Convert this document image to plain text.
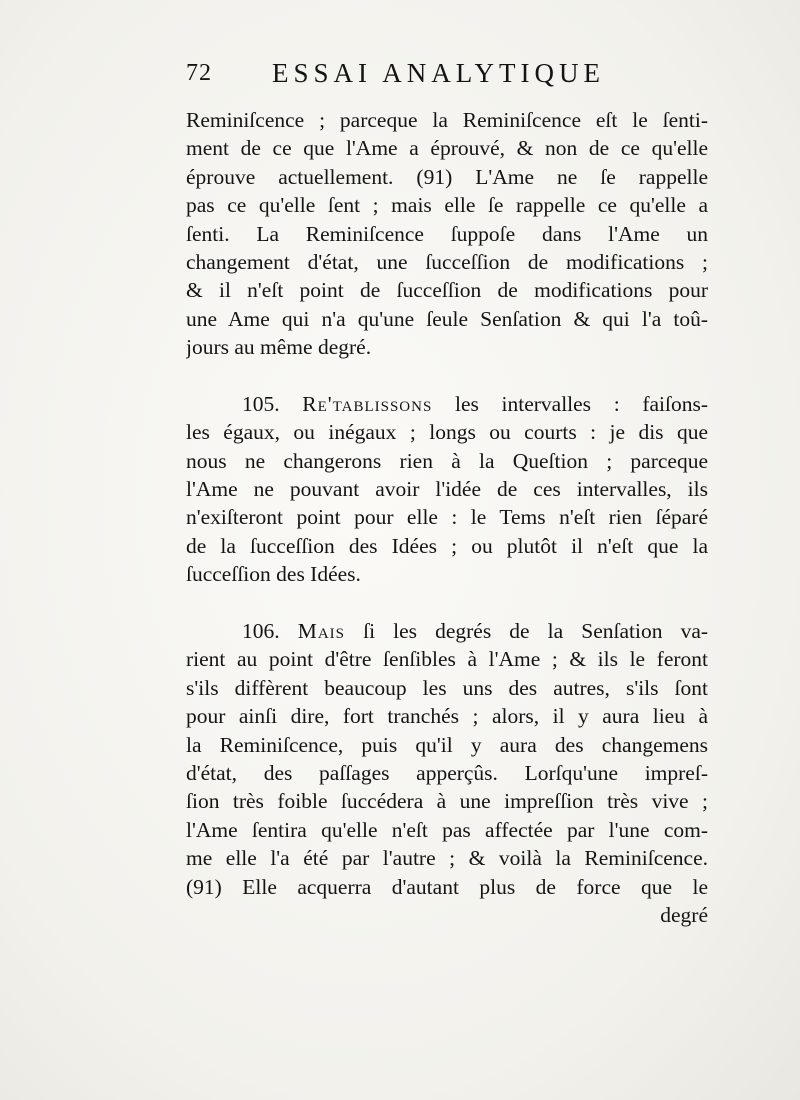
72 ESSAI ANALYTIQUE
Reminiſcence ; parceque la Reminiſcence eſt le ſenti-
ment de ce que l'Ame a éprouvé, & non de ce qu'elle
éprouve actuellement. (91) L'Ame ne ſe rappelle
pas ce qu'elle ſent ; mais elle ſe rappelle ce qu'elle a
ſenti. La Reminiſcence ſuppoſe dans l'Ame un
changement d'état, une ſucceſſion de modifications ;
& il n'eſt point de ſucceſſion de modifications pour
une Ame qui n'a qu'une ſeule Senſation & qui l'a toû-
jours au même degré.
105. Re'tablissons les intervalles : faiſons-
les égaux, ou inégaux ; longs ou courts : je dis que
nous ne changerons rien à la Queſtion ; parceque
l'Ame ne pouvant avoir l'idée de ces intervalles, ils
n'exiſteront point pour elle : le Tems n'eſt rien ſéparé
de la ſucceſſion des Idées ; ou plutôt il n'eſt que la
ſucceſſion des Idées.
106. Mais ſi les degrés de la Senſation va-
rient au point d'être ſenſibles à l'Ame ; & ils le feront
s'ils diffèrent beaucoup les uns des autres, s'ils ſont
pour ainſi dire, fort tranchés ; alors, il y aura lieu à
la Reminiſcence, puis qu'il y aura des changemens
d'état, des paſſages apperçûs. Lorſqu'une impreſ-
ſion très foible ſuccédera à une impreſſion très vive ;
l'Ame ſentira qu'elle n'eſt pas affectée par l'une com-
me elle l'a été par l'autre ; & voilà la Reminiſcence.
(91) Elle acquerra d'autant plus de force que le
degré
